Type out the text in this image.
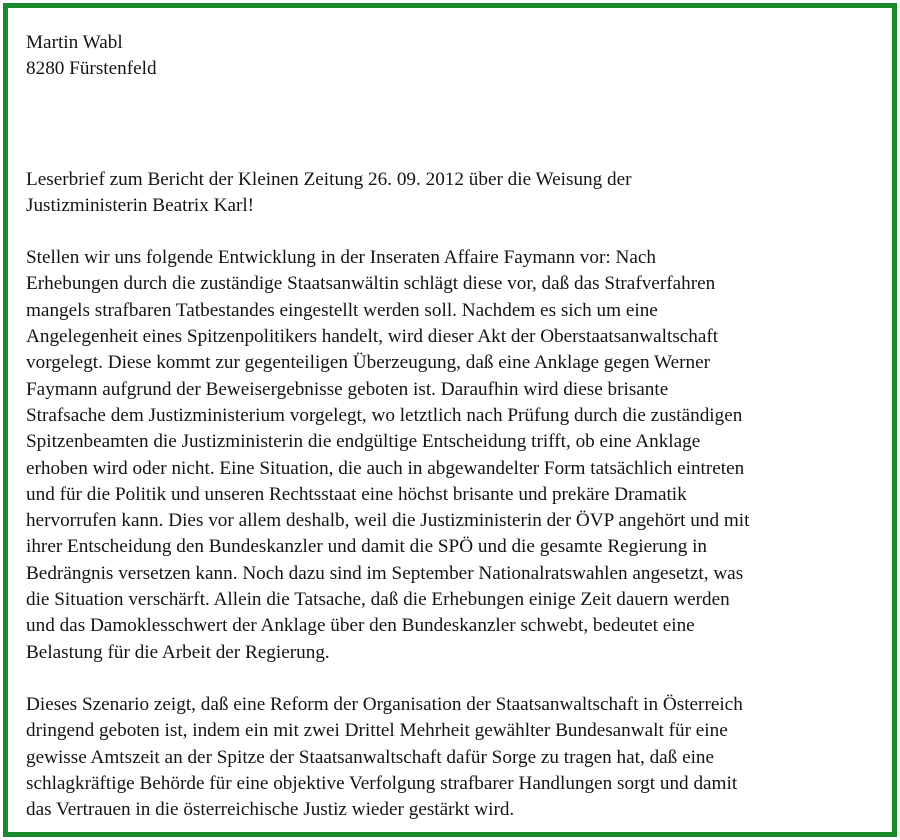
Martin Wabl
8280 Fürstenfeld
Leserbrief zum Bericht der Kleinen Zeitung 26. 09. 2012 über die Weisung der
Justizministerin Beatrix Karl!
Stellen wir uns folgende Entwicklung in der Inseraten Affaire Faymann vor: Nach
Erhebungen durch die zuständige Staatsanwältin schlägt diese vor, daß das Strafverfahren
mangels strafbaren Tatbestandes eingestellt werden soll. Nachdem es sich um eine
Angelegenheit eines Spitzenpolitikers handelt, wird dieser Akt der Oberstaatsanwaltschaft
vorgelegt. Diese kommt zur gegenteiligen Überzeugung, daß eine Anklage gegen Werner
Faymann aufgrund der Beweisergebnisse geboten ist. Daraufhin wird diese brisante
Strafsache dem Justizministerium vorgelegt, wo letztlich nach Prüfung durch die zuständigen
Spitzenbeamten die Justizministerin die endgültige Entscheidung trifft, ob eine Anklage
erhoben wird oder nicht. Eine Situation, die auch in abgewandelter Form tatsächlich eintreten
und für die Politik und unseren Rechtsstaat eine höchst brisante und prekäre Dramatik
hervorrufen kann. Dies vor allem deshalb, weil die Justizministerin der ÖVP angehört und mit
ihrer Entscheidung den Bundeskanzler und damit die SPÖ und die gesamte Regierung in
Bedrängnis versetzen kann. Noch dazu sind im September Nationalratswahlen angesetzt, was
die Situation verschärft. Allein die Tatsache, daß die Erhebungen einige Zeit dauern werden
und das Damoklesschwert der Anklage über den Bundeskanzler schwebt, bedeutet eine
Belastung für die Arbeit der Regierung.
Dieses Szenario zeigt, daß eine Reform der Organisation der Staatsanwaltschaft in Österreich
dringend geboten ist, indem ein mit zwei Drittel Mehrheit gewählter Bundesanwalt für eine
gewisse Amtszeit an der Spitze der Staatsanwaltschaft dafür Sorge zu tragen hat, daß eine
schlagkräftige Behörde für eine objektive Verfolgung strafbarer Handlungen sorgt und damit
das Vertrauen in die österreichische Justiz wieder gestärkt wird.
